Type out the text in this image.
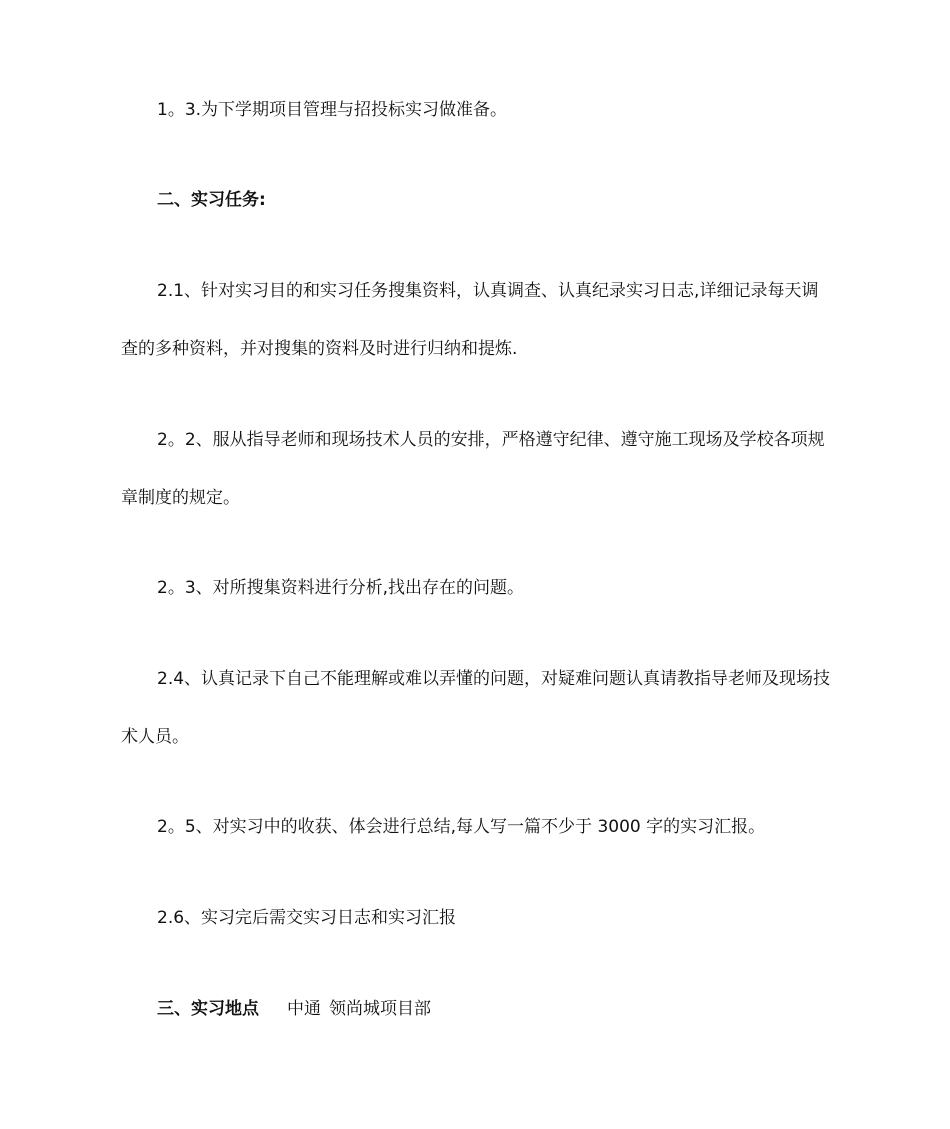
1。3.为下学期项目管理与招投标实习做准备。

二、实习任务:

2.1、针对实习目的和实习任务搜集资料，认真调查、认真纪录实习日志,详细记录每天调查的多种资料，并对搜集的资料及时进行归纳和提炼.

2。2、服从指导老师和现场技术人员的安排，严格遵守纪律、遵守施工现场及学校各项规章制度的规定。

2。3、对所搜集资料进行分析,找出存在的问题。

2.4、认真记录下自己不能理解或难以弄懂的问题，对疑难问题认真请教指导老师及现场技术人员。

2。5、对实习中的收获、体会进行总结,每人写一篇不少于 3000 字的实习汇报。

2.6、实习完后需交实习日志和实习汇报

三、实习地点 中通 领尚城项目部
